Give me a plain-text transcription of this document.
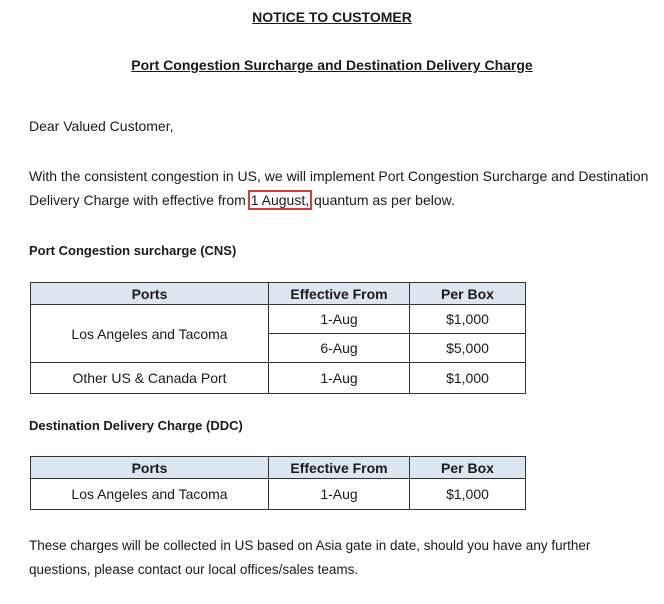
NOTICE TO CUSTOMER
Port Congestion Surcharge and Destination Delivery Charge
Dear Valued Customer,
With the consistent congestion in US, we will implement Port Congestion Surcharge and Destination
Delivery Charge with effective from 1 August, quantum as per below.
Port Congestion surcharge (CNS)
Ports	Effective From	Per Box
Los Angeles and Tacoma	1-Aug	$1,000
	6-Aug	$5,000
Other US & Canada Port	1-Aug	$1,000
Destination Delivery Charge (DDC)
Ports	Effective From	Per Box
Los Angeles and Tacoma	1-Aug	$1,000
These charges will be collected in US based on Asia gate in date, should you have any further
questions, please contact our local offices/sales teams.
